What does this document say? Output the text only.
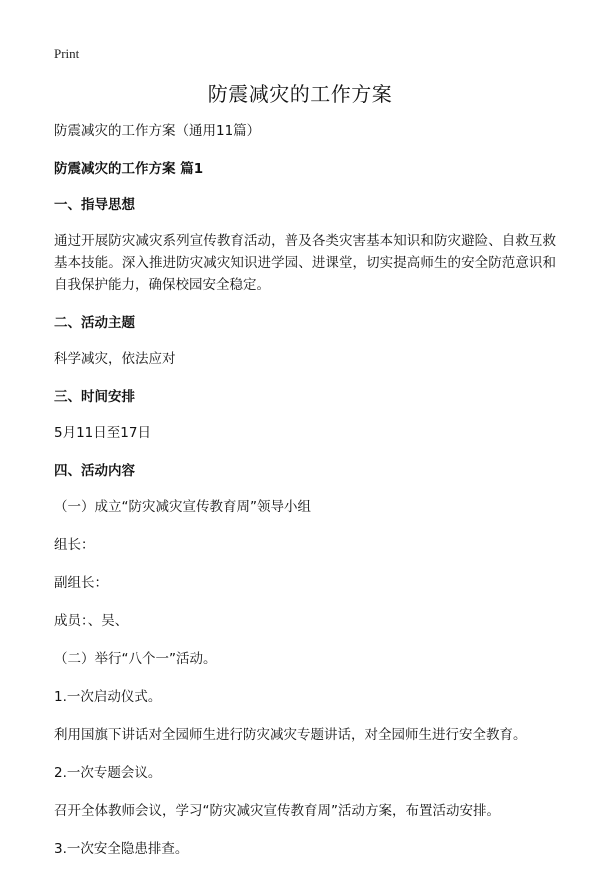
Print
防震减灾的工作方案

防震减灾的工作方案（通用11篇）

防震减灾的工作方案 篇1

一、指导思想

通过开展防灾减灾系列宣传教育活动，普及各类灾害基本知识和防灾避险、自救互救基本技能。深入推进防灾减灾知识进学园、进课堂，切实提高师生的安全防范意识和自我保护能力，确保校园安全稳定。

二、活动主题

科学减灾，依法应对

三、时间安排

5月11日至17日

四、活动内容

（一）成立“防灾减灾宣传教育周”领导小组

组长：

副组长：

成员：、吴、

（二）举行“八个一”活动。

1.一次启动仪式。

利用国旗下讲话对全园师生进行防灾减灾专题讲话，对全园师生进行安全教育。

2.一次专题会议。

召开全体教师会议，学习“防灾减灾宣传教育周”活动方案，布置活动安排。

3.一次安全隐患排查。
